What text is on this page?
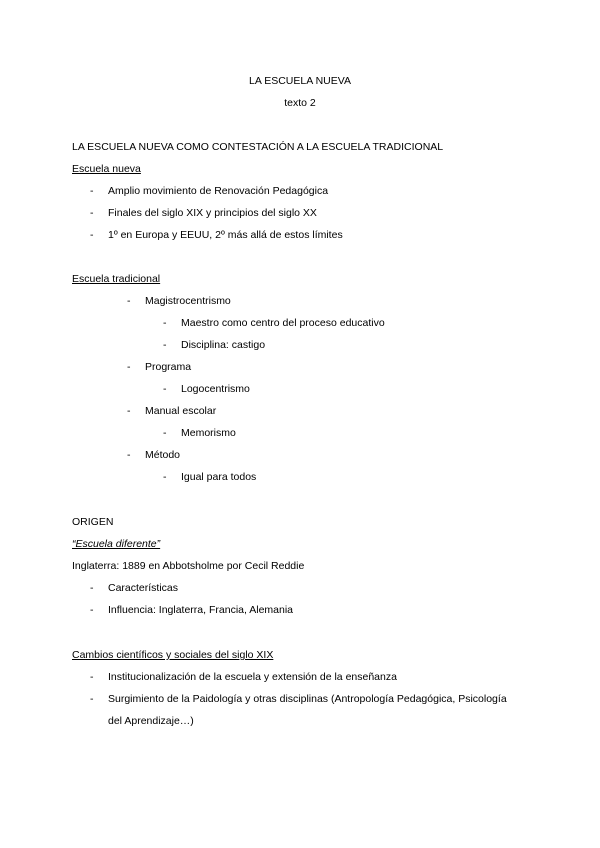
LA ESCUELA NUEVA
texto 2
LA ESCUELA NUEVA COMO CONTESTACIÓN A LA ESCUELA TRADICIONAL
Escuela nueva
- Amplio movimiento de Renovación Pedagógica
- Finales del siglo XIX y principios del siglo XX
- 1º en Europa y EEUU, 2º más allá de estos límites
Escuela tradicional
- Magistrocentrismo
- Maestro como centro del proceso educativo
- Disciplina: castigo
- Programa
- Logocentrismo
- Manual escolar
- Memorismo
- Método
- Igual para todos
ORIGEN
“Escuela diferente”
Inglaterra: 1889 en Abbotsholme por Cecil Reddie
- Características
- Influencia: Inglaterra, Francia, Alemania
Cambios científicos y sociales del siglo XIX
- Institucionalización de la escuela y extensión de la enseñanza
- Surgimiento de la Paidología y otras disciplinas (Antropología Pedagógica, Psicología
del Aprendizaje…)
